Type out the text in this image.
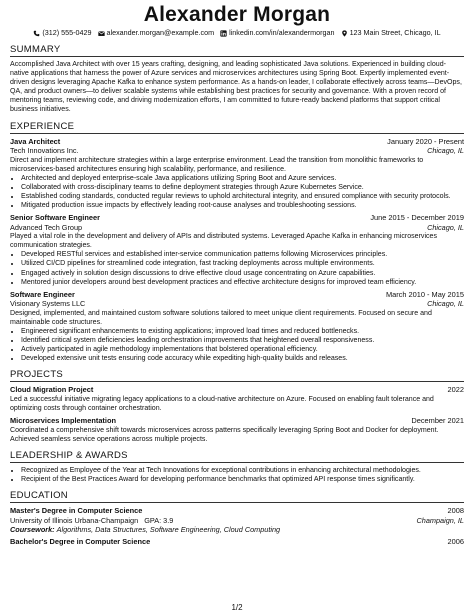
Alexander Morgan
(312) 555-0429 alexander.morgan@example.com linkedin.com/in/alexandermorgan 123 Main Street, Chicago, IL
SUMMARY

Accomplished Java Architect with over 15 years crafting, designing, and leading sophisticated Java solutions. Experienced in building cloud-native applications that harness the power of Azure services and microservices architectures using Spring Boot. Expertly implemented event-driven designs leveraging Apache Kafka to enhance system performance. As a hands-on leader, I collaborate effectively across teams—DevOps, QA, and product owners—to deliver scalable systems while establishing best practices for security and governance. With a proven record of mentoring teams, reviewing code, and driving modernization efforts, I am committed to future-ready backend platforms that support critical business initiatives.

EXPERIENCE
Java Architect	January 2020 - Present
Tech Innovations Inc.	Chicago, IL

Direct and implement architecture strategies within a large enterprise environment. Lead the transition from monolithic frameworks to microservices-based architectures ensuring high scalability, performance, and resilience.

• Architected and deployed enterprise-scale Java applications utilizing Spring Boot and Azure services.
• Collaborated with cross-disciplinary teams to define deployment strategies through Azure Kubernetes Service.
• Established coding standards, conducted regular reviews to uphold architectural integrity, and ensured compliance with security protocols.
• Mitigated production issue impacts by effectively leading root-cause analyses and troubleshooting sessions.
Senior Software Engineer	June 2015 - December 2019
Advanced Tech Group	Chicago, IL

Played a vital role in the development and delivery of APIs and distributed systems. Leveraged Apache Kafka in enhancing microservices communication strategies.

• Developed RESTful services and established inter-service communication patterns following Microservices principles.
• Utilized CI/CD pipelines for streamlined code integration, fast tracking deployments across multiple environments.
• Engaged actively in solution design discussions to drive effective cloud usage concentrating on Azure capabilities.
• Mentored junior developers around best development practices and effective architecture designs for improved team efficiency.
Software Engineer	March 2010 - May 2015
Visionary Systems LLC	Chicago, IL

Designed, implemented, and maintained custom software solutions tailored to meet unique client requirements. Focused on secure and maintainable code structures.

• Engineered significant enhancements to existing applications; improved load times and reduced bottlenecks.
• Identified critical system deficiencies leading orchestration improvements that heightened overall responsiveness.
• Actively participated in agile methodology implementations that bolstered operational efficiency.
• Developed extensive unit tests ensuring code accuracy while expediting high-quality builds and releases.
PROJECTS
Cloud Migration Project	2022

Led a successful initiative migrating legacy applications to a cloud-native architecture on Azure. Focused on enabling fault tolerance and optimizing costs through container orchestration.

Microservices Implementation	December 2021

Coordinated a comprehensive shift towards microservices across patterns specifically leveraging Spring Boot and Docker for deployment. Achieved seamless service operations across multiple projects.

LEADERSHIP & AWARDS
• Recognized as Employee of the Year at Tech Innovations for exceptional contributions in enhancing architectural methodologies.
• Recipient of the Best Practices Award for developing performance benchmarks that optimized API response times significantly.
EDUCATION
Master's Degree in Computer Science	2008
University of Illinois Urbana-Champaign GPA: 3.9	Champaign, IL
Coursework: Algorithms, Data Structures, Software Engineering, Cloud Computing
Bachelor's Degree in Computer Science	2006
1/2
